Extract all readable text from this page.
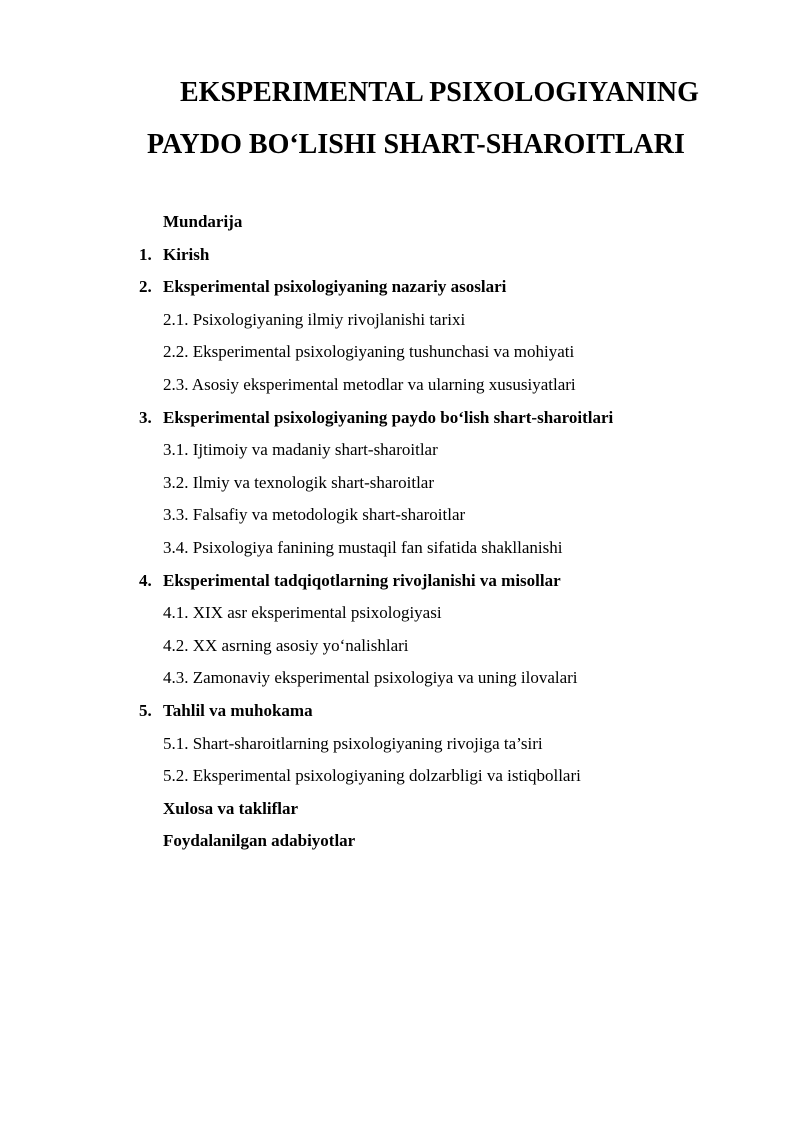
EKSPERIMENTAL PSIXOLOGIYANING
PAYDO BO‘LISHI SHART-SHAROITLARI
Mundarija
1. Kirish
2. Eksperimental psixologiyaning nazariy asoslari
2.1. Psixologiyaning ilmiy rivojlanishi tarixi
2.2. Eksperimental psixologiyaning tushunchasi va mohiyati
2.3. Asosiy eksperimental metodlar va ularning xususiyatlari
3. Eksperimental psixologiyaning paydo bo‘lish shart-sharoitlari
3.1. Ijtimoiy va madaniy shart-sharoitlar
3.2. Ilmiy va texnologik shart-sharoitlar
3.3. Falsafiy va metodologik shart-sharoitlar
3.4. Psixologiya fanining mustaqil fan sifatida shakllanishi
4. Eksperimental tadqiqotlarning rivojlanishi va misollar
4.1. XIX asr eksperimental psixologiyasi
4.2. XX asrning asosiy yo‘nalishlari
4.3. Zamonaviy eksperimental psixologiya va uning ilovalari
5. Tahlil va muhokama
5.1. Shart-sharoitlarning psixologiyaning rivojiga ta’siri
5.2. Eksperimental psixologiyaning dolzarbligi va istiqbollari
Xulosa va takliflar
Foydalanilgan adabiyotlar
